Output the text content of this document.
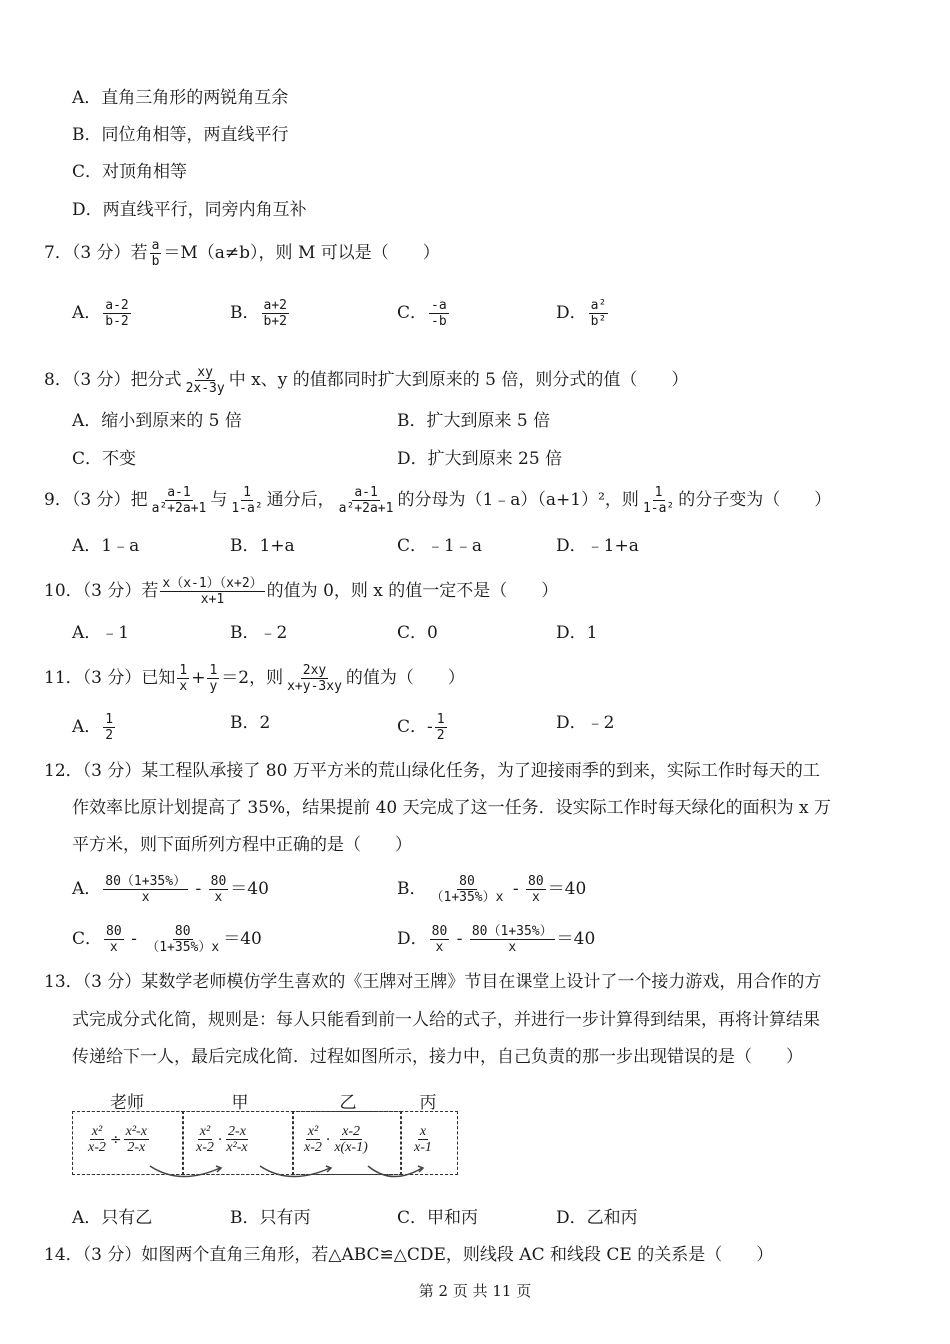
A．直角三角形的两锐角互余
B．同位角相等，两直线平行
C．对顶角相等
D．两直线平行，同旁内角互补
7．（3 分）若 $\frac{a}{b} =M(a\ne b)$，则 M 可以是（　　）
A． $\frac{a-2}{b-2}$	B． $\frac{a+2}{b+2}$	C． $\frac{-a}{-b}$	D． $\frac{\text{a²}}{\text{b²}}$
8．（3 分）把分式 $\frac{xy}{2x-3y}$ 中 x、y 的值都同时扩大到原来的 5 倍，则分式的值（　　）
A．缩小到原来的 5 倍	B．扩大到原来 5 倍
C．不变	D．扩大到原来 25 倍
9．（3 分）把 $\frac{a-1}{\text{a²+2a+1}}$ 与 $\frac{1}{\text{1-a²}}$ 通分后， $\frac{a-1}{\text{a²+2a+1}}$ 的分母为（1﹣a）（a+1）²，则 $\frac{1}{\text{1-a²}}$ 的分子变为（　　）
A．1﹣a	B．1+a	C．﹣1﹣a	D．﹣1+a
10．（3 分）若 $\frac{x(x-1)(x+2)}{x+1}$ 的值为 0，则 x 的值一定不是（　　）
A．﹣1	B．﹣2	C．0	D．1
11．（3 分）已知 $\frac{1}{x} + \frac{1}{y} =2$，则 $\frac{2xy}{x+y-3xy}$ 的值为（　　）
A． $\frac{1}{2}$	B．2	C．- $\frac{1}{2}$	D．﹣2
12．（3 分）某工程队承接了 80 万平方米的荒山绿化任务，为了迎接雨季的到来，实际工作时每天的工
作效率比原计划提高了 35%，结果提前 40 天完成了这一任务．设实际工作时每天绿化的面积为 x 万
平方米，则下面所列方程中正确的是（　　）
A． $\frac{80(1+35\%)}{x} - \frac{80}{x} =40$	B． $\frac{80}{(1+35\%)x} - \frac{80}{x} =40$
C． $\frac{80}{x} - \frac{80}{(1+35\%)x} =40$	D． $\frac{80}{x} - \frac{80(1+35\%)}{x} =40$
13．（3 分）某数学老师模仿学生喜欢的《王牌对王牌》节目在课堂上设计了一个接力游戏，用合作的方
式完成分式化简，规则是：每人只能看到前一人给的式子，并进行一步计算得到结果，再将计算结果
传递给下一人，最后完成化简．过程如图所示，接力中，自己负责的那一步出现错误的是（　　）
老师	甲	乙	丙
$\frac{\text{x²}}{x-2} \div \frac{\text{x²-x}}{2-x}$	$\frac{\text{x²}}{x-2} \cdot \frac{2-x}{\text{x²-x}}$	$\frac{\text{x²}}{x-2} \cdot \frac{x-2}{x(x-1)}$	$\frac{x}{x-1}$
A．只有乙	B．只有丙	C．甲和丙	D．乙和丙
14．（3 分）如图两个直角三角形，若△ABC≌△CDE，则线段 AC 和线段 CE 的关系是（　　）
第 2 页 共 11 页
